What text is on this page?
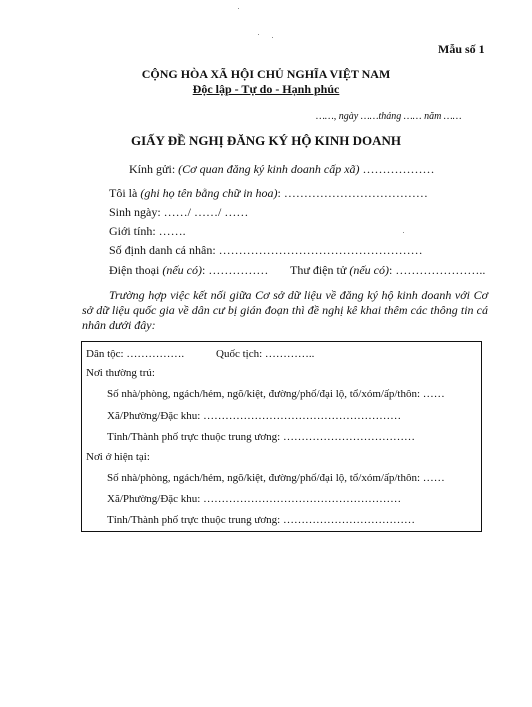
Mẫu số 1
CỘNG HÒA XÃ HỘI CHỦ NGHĨA VIỆT NAM
Độc lập - Tự do - Hạnh phúc
……, ngày ……tháng …… năm ……
GIẤY ĐỀ NGHỊ ĐĂNG KÝ HỘ KINH DOANH
Kính gửi: (Cơ quan đăng ký kinh doanh cấp xã) ………………
Tôi là (ghi họ tên bằng chữ in hoa): ………………………………
Sinh ngày: ……/ ……/ ……
Giới tính: …….
Số định danh cá nhân: ……………………………………………
Điện thoại (nếu có): …………… Thư điện tử (nếu có): …………………..
Trường hợp việc kết nối giữa Cơ sở dữ liệu về đăng ký hộ kinh doanh với Cơ sở dữ liệu quốc gia về dân cư bị gián đoạn thì đề nghị kê khai thêm các thông tin cá nhân dưới đây:
Dân tộc: …………….	Quốc tịch: …………..
Nơi thường trú:
Số nhà/phòng, ngách/hẻm, ngõ/kiệt, đường/phố/đại lộ, tổ/xóm/ấp/thôn: ……
Xã/Phường/Đặc khu: ………………………………………………
Tỉnh/Thành phố trực thuộc trung ương: ………………………………
Nơi ở hiện tại:
Số nhà/phòng, ngách/hẻm, ngõ/kiệt, đường/phố/đại lộ, tổ/xóm/ấp/thôn: ……
Xã/Phường/Đặc khu: ………………………………………………
Tỉnh/Thành phố trực thuộc trung ương: ………………………………
